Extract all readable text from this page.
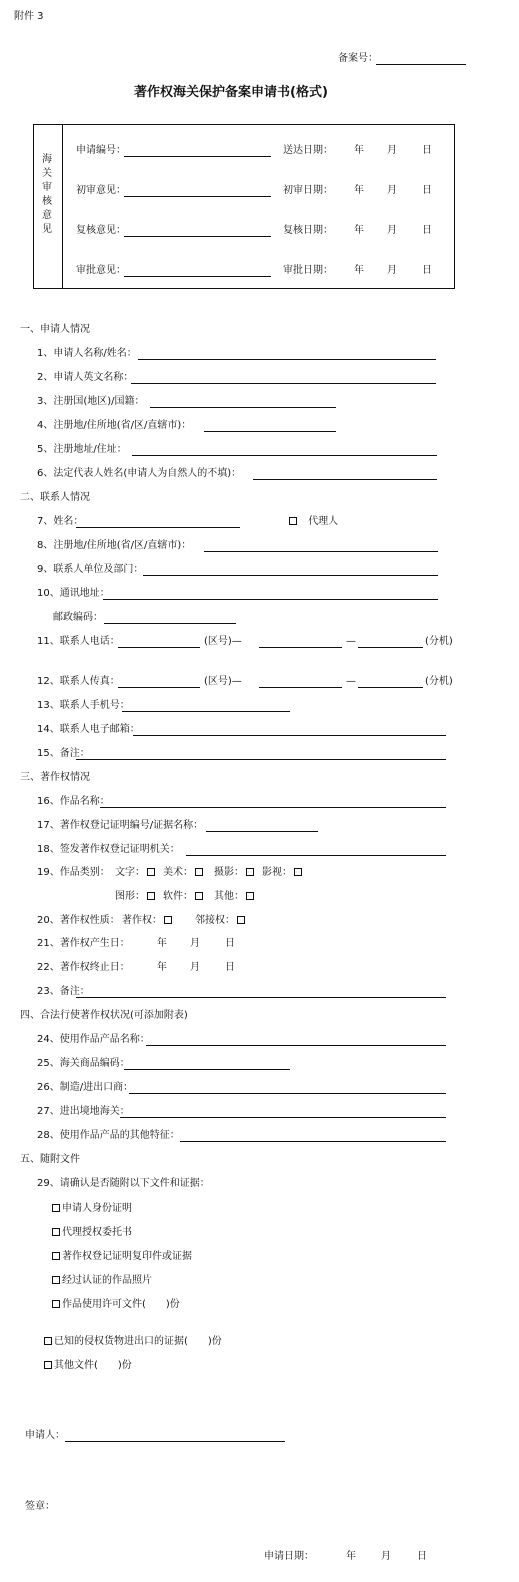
附件 3
备案号：
著作权海关保护备案申请书(格式)
海关审核意见
申请编号：	送达日期： 年 月	日
初审意见：	初审日期： 年 月	日
复核意见：	复核日期： 年 月	日
审批意见：	审批日期： 年 月	日
一、申请人情况
1、申请人名称/姓名：
2、申请人英文名称：
3、注册国(地区)/国籍：
4、注册地/住所地(省/区/直辖市)：
5、注册地址/住址：
6、法定代表人姓名(申请人为自然人的不填)：
二、联系人情况
7、姓名：	代理人
8、注册地/住所地(省/区/直辖市)：
9、联系人单位及部门：
10、通讯地址：
邮政编码：
11、联系人电话：	(区号)—	—	(分机)
12、联系人传真：	(区号)—	—	(分机)
13、联系人手机号：
14、联系人电子邮箱：
15、备注：
三、著作权情况
16、作品名称：
17、著作权登记证明编号/证据名称：
18、签发著作权登记证明机关：
19、作品类别： 文字：	美术：	摄影：	影视：
图形：	软件：	其他：
20、著作权性质： 著作权：	邻接权：
21、著作权产生日：	年 月	日
22、著作权终止日：	年 月	日
23、备注：
四、合法行使著作权状况(可添加附表)
24、使用作品产品名称：
25、海关商品编码：
26、制造/进出口商：
27、进出境地海关：
28、使用作品产品的其他特征：
五、随附文件
29、请确认是否随附以下文件和证据：
申请人身份证明
代理授权委托书
著作权登记证明复印件或证据
经过认证的作品照片
作品使用许可文件(　　)份
已知的侵权货物进出口的证据(　　)份
其他文件(　　)份
申请人：
签章：
申请日期：	年	月	日
